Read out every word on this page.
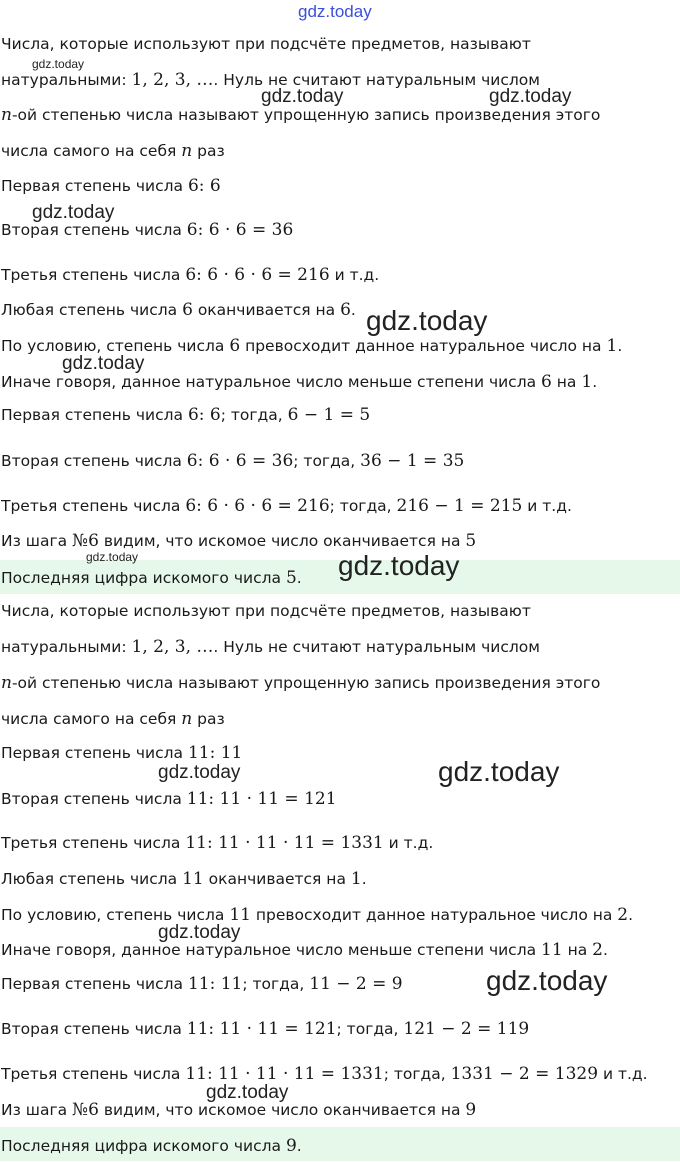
Числа, которые используют при подсчёте предметов, называют
натуральными: 1, 2, 3, …. Нуль не считают натуральным числом
n-ой степенью числа называют упрощенную запись произведения этого
числа самого на себя n раз
Первая степень числа 6: 6
Вторая степень числа 6: 6 · 6 = 36
Третья степень числа 6: 6 · 6 · 6 = 216 и т.д.
Любая степень числа 6 оканчивается на 6.
По условию, степень числа 6 превосходит данное натуральное число на 1.
Иначе говоря, данное натуральное число меньше степени числа 6 на 1.
Первая степень числа 6: 6; тогда, 6 − 1 = 5
Вторая степень числа 6: 6 · 6 = 36; тогда, 36 − 1 = 35
Третья степень числа 6: 6 · 6 · 6 = 216; тогда, 216 − 1 = 215 и т.д.
Из шага №6 видим, что искомое число оканчивается на 5
Последняя цифра искомого числа 5.
Числа, которые используют при подсчёте предметов, называют
натуральными: 1, 2, 3, …. Нуль не считают натуральным числом
n-ой степенью числа называют упрощенную запись произведения этого
числа самого на себя n раз
Первая степень числа 11: 11
Вторая степень числа 11: 11 · 11 = 121
Третья степень числа 11: 11 · 11 · 11 = 1331 и т.д.
Любая степень числа 11 оканчивается на 1.
По условию, степень числа 11 превосходит данное натуральное число на 2.
Иначе говоря, данное натуральное число меньше степени числа 11 на 2.
Первая степень числа 11: 11; тогда, 11 − 2 = 9
Вторая степень числа 11: 11 · 11 = 121; тогда, 121 − 2 = 119
Третья степень числа 11: 11 · 11 · 11 = 1331; тогда, 1331 − 2 = 1329 и т.д.
Из шага №6 видим, что искомое число оканчивается на 9
Последняя цифра искомого числа 9.
gdz.today
gdz.today
gdz.today	gdz.today
gdz.today
gdz.today
gdz.today
gdz.today	gdz.today
gdz.today	gdz.today
gdz.today
gdz.today
gdz.today
